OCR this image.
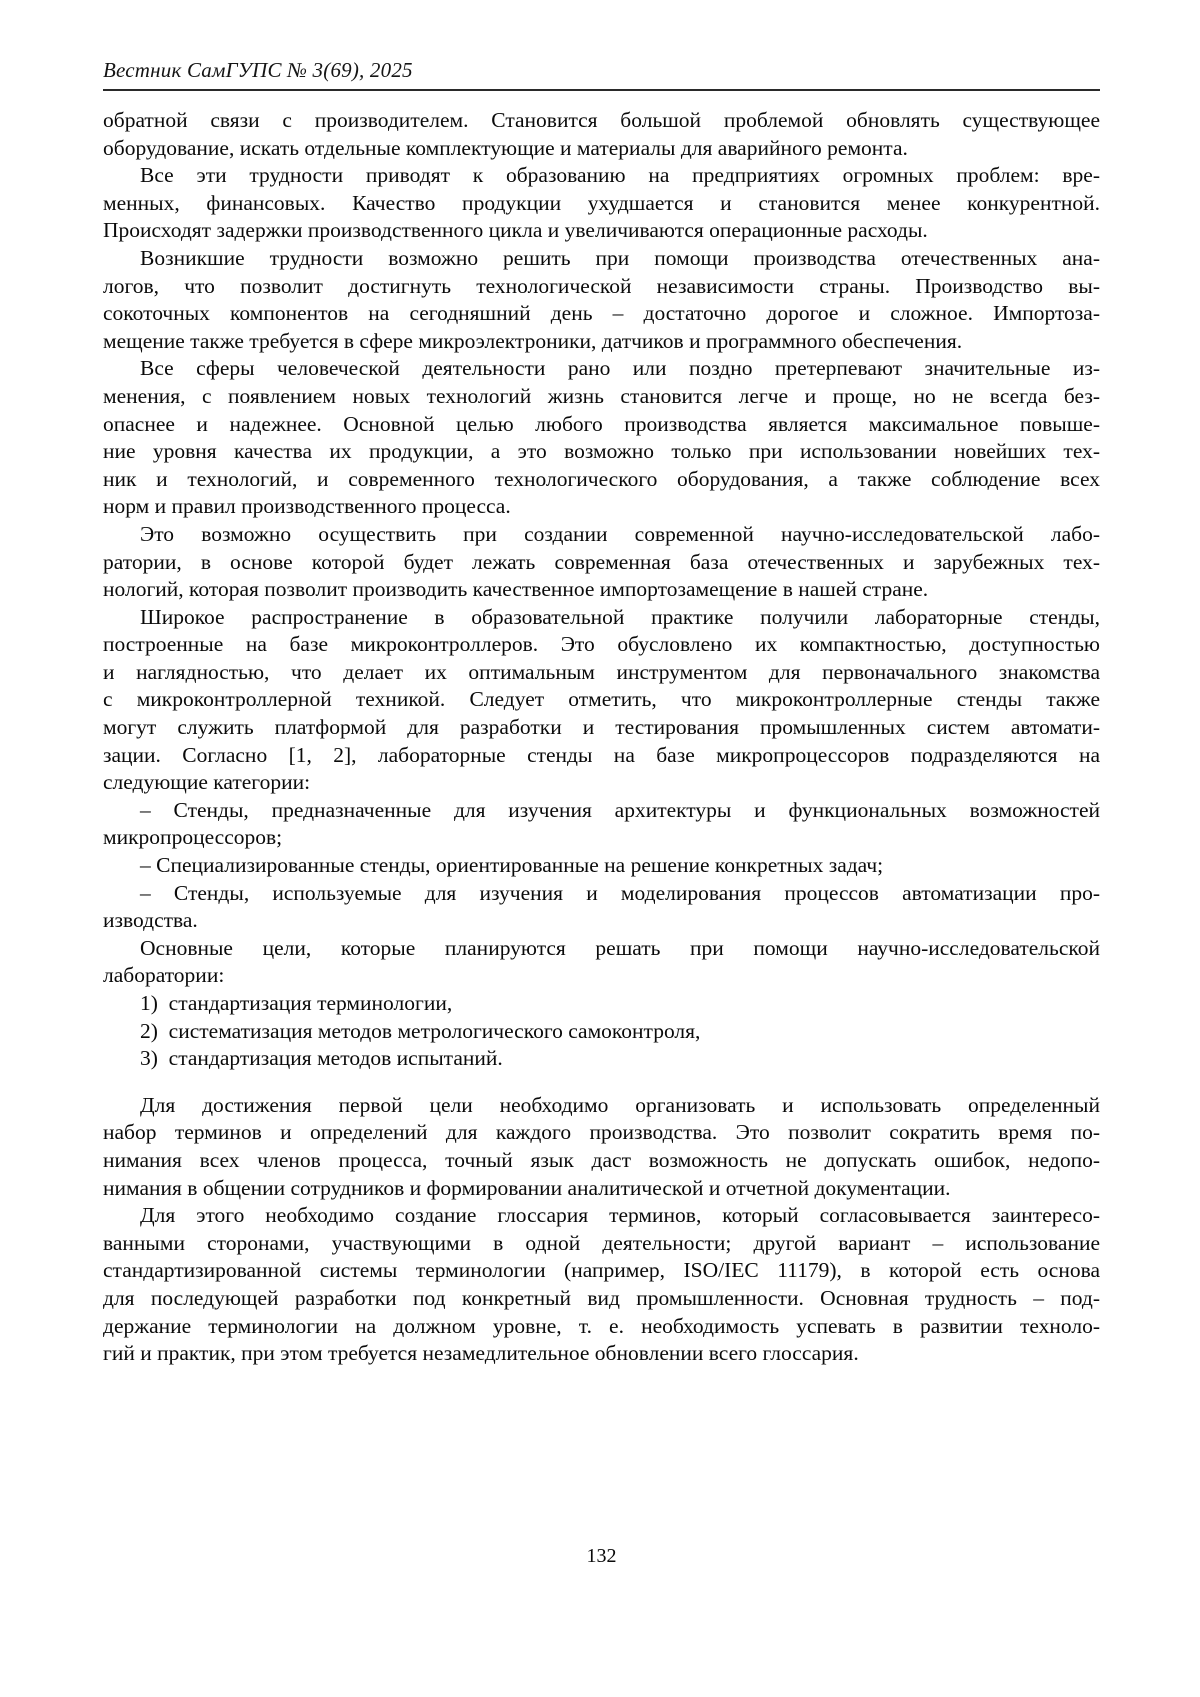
Вестник СамГУПС № 3(69), 2025
обратной связи с производителем. Становится большой проблемой обновлять существующее
оборудование, искать отдельные комплектующие и материалы для аварийного ремонта.
Все эти трудности приводят к образованию на предприятиях огромных проблем: вре-
менных, финансовых. Качество продукции ухудшается и становится менее конкурентной.
Происходят задержки производственного цикла и увеличиваются операционные расходы.
Возникшие трудности возможно решить при помощи производства отечественных ана-
логов, что позволит достигнуть технологической независимости страны. Производство вы-
сокоточных компонентов на сегодняшний день – достаточно дорогое и сложное. Импортоза-
мещение также требуется в сфере микроэлектроники, датчиков и программного обеспечения.
Все сферы человеческой деятельности рано или поздно претерпевают значительные из-
менения, с появлением новых технологий жизнь становится легче и проще, но не всегда без-
опаснее и надежнее. Основной целью любого производства является максимальное повыше-
ние уровня качества их продукции, а это возможно только при использовании новейших тех-
ник и технологий, и современного технологического оборудования, а также соблюдение всех
норм и правил производственного процесса.
Это возможно осуществить при создании современной научно-исследовательской лабо-
ратории, в основе которой будет лежать современная база отечественных и зарубежных тех-
нологий, которая позволит производить качественное импортозамещение в нашей стране.
Широкое распространение в образовательной практике получили лабораторные стенды,
построенные на базе микроконтроллеров. Это обусловлено их компактностью, доступностью
и наглядностью, что делает их оптимальным инструментом для первоначального знакомства
с микроконтроллерной техникой. Следует отметить, что микроконтроллерные стенды также
могут служить платформой для разработки и тестирования промышленных систем автомати-
зации. Согласно [1, 2], лабораторные стенды на базе микропроцессоров подразделяются на
следующие категории:
– Стенды, предназначенные для изучения архитектуры и функциональных возможностей
микропроцессоров;
– Специализированные стенды, ориентированные на решение конкретных задач;
– Стенды, используемые для изучения и моделирования процессов автоматизации про-
изводства.
Основные цели, которые планируются решать при помощи научно-исследовательской
лаборатории:
1)  стандартизация терминологии,
2)  систематизация методов метрологического самоконтроля,
3)  стандартизация методов испытаний.
Для достижения первой цели необходимо организовать и использовать определенный
набор терминов и определений для каждого производства. Это позволит сократить время по-
нимания всех членов процесса, точный язык даст возможность не допускать ошибок, недопо-
нимания в общении сотрудников и формировании аналитической и отчетной документации.
Для этого необходимо создание глоссария терминов, который согласовывается заинтересо-
ванными сторонами, участвующими в одной деятельности; другой вариант – использование
стандартизированной системы терминологии (например, ISO/IEC 11179), в которой есть основа
для последующей разработки под конкретный вид промышленности. Основная трудность – под-
держание терминологии на должном уровне, т. е. необходимость успевать в развитии техноло-
гий и практик, при этом требуется незамедлительное обновлении всего глоссария.
132
